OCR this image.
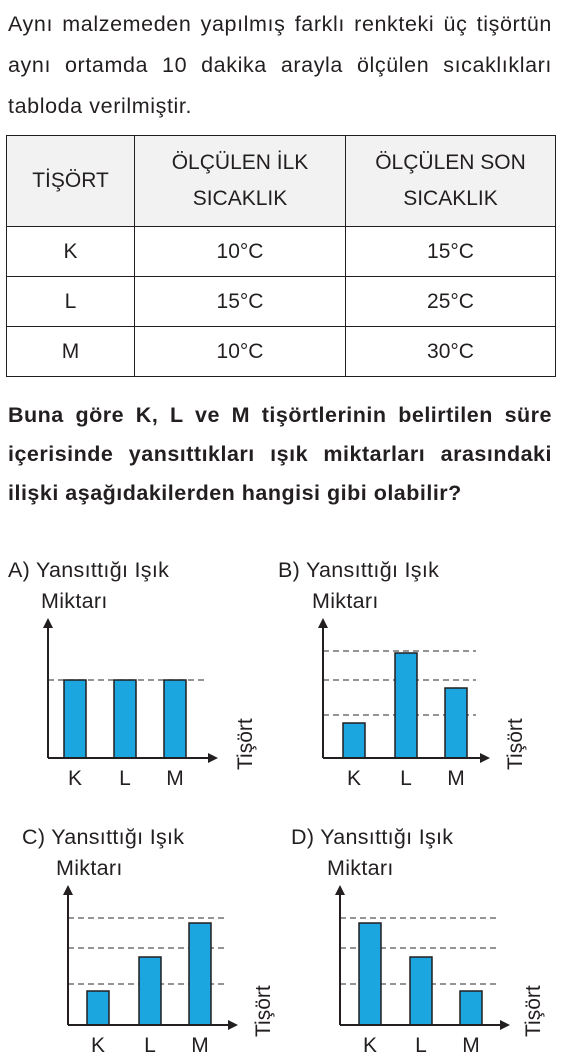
Aynı malzemeden yapılmış farklı renkteki üç tişörtün aynı ortamda 10 dakika arayla ölçülen sıcaklıkları tabloda verilmiştir.
TİŞÖRT	ÖLÇÜLEN İLK SICAKLIK	ÖLÇÜLEN SON SICAKLIK
K	10°C	15°C
L	15°C	25°C
M	10°C	30°C
Buna göre K, L ve M tişörtlerinin belirtilen süre içerisinde yansıttıkları ışık miktarları arasındaki ilişki aşağıdakilerden hangisi gibi olabilir?
A) Yansıttığı Işık
Miktarı
B) Yansıttığı Işık
Miktarı
C) Yansıttığı Işık
Miktarı
D) Yansıttığı Işık
Miktarı
K L M
Tişört
K L M
Tişört
K L M
Tişört
K L M
Tişört
